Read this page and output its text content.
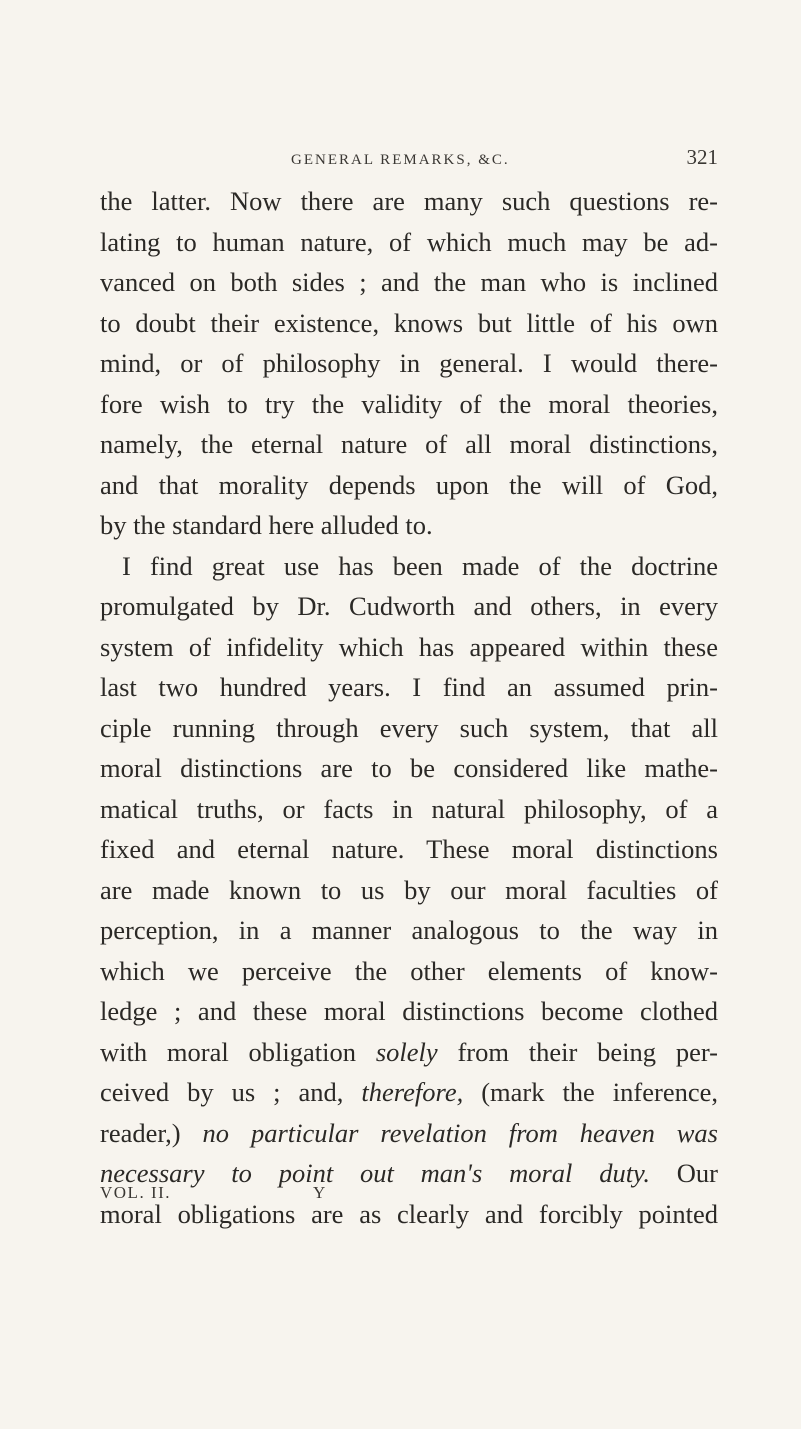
GENERAL REMARKS, &C.	321
the latter. Now there are many such questions re-
lating to human nature, of which much may be ad-
vanced on both sides ; and the man who is inclined
to doubt their existence, knows but little of his own
mind, or of philosophy in general. I would there-
fore wish to try the validity of the moral theories,
namely, the eternal nature of all moral distinctions,
and that morality depends upon the will of God,
by the standard here alluded to.
I find great use has been made of the doctrine
promulgated by Dr. Cudworth and others, in every
system of infidelity which has appeared within these
last two hundred years. I find an assumed prin-
ciple running through every such system, that all
moral distinctions are to be considered like mathe-
matical truths, or facts in natural philosophy, of a
fixed and eternal nature. These moral distinctions
are made known to us by our moral faculties of
perception, in a manner analogous to the way in
which we perceive the other elements of know-
ledge ; and these moral distinctions become clothed
with moral obligation solely from their being per-
ceived by us ; and, therefore, (mark the inference,
reader,) no particular revelation from heaven was
necessary to point out man's moral duty. Our
moral obligations are as clearly and forcibly pointed
VOL. II.	Y
